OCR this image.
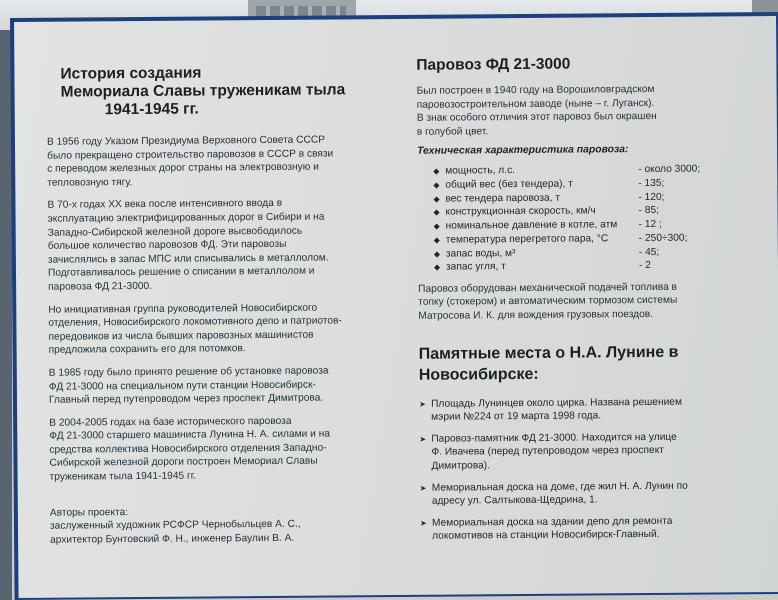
История создания
Мемориала Славы труженикам тыла
1941-1945 гг.

В 1956 году Указом Президиума Верховного Совета СССР
было прекращено строительство паровозов в СССР в связи
с переводом железных дорог страны на электровозную и
тепловозную тягу.

В 70-х годах XX века после интенсивного ввода в
эксплуатацию электрифицированных дорог в Сибири и на
Западно-Сибирской железной дороге высвободилось
большое количество паровозов ФД. Эти паровозы
зачислялись в запас МПС или списывались в металлолом.
Подготавливалось решение о списании в металлолом и
паровоза ФД 21-3000.

Но инициативная группа руководителей Новосибирского
отделения, Новосибирского локомотивного депо и патриотов-
передовиков из числа бывших паровозных машинистов
предложила сохранить его для потомков.

В 1985 году было принято решение об установке паровоза
ФД 21-3000 на специальном пути станции Новосибирск-
Главный перед путепроводом через проспект Димитрова.

В 2004-2005 годах на базе исторического паровоза
ФД 21-3000 старшего машиниста Лунина Н. А. силами и на
средства коллектива Новосибирского отделения Западно-
Сибирской железной дороги построен Мемориал Славы
труженикам тыла 1941-1945 гг.

Авторы проекта:

заслуженный художник РСФСР Чернобыльцев А. С.,
архитектор Бунтовский Ф. Н., инженер Баулин В. А.

Паровоз ФД 21-3000

Был построен в 1940 году на Ворошиловградском
паровозостроительном заводе (ныне – г. Луганск).
В знак особого отличия этот паровоз был окрашен
в голубой цвет.

Техническая характеристика паровоза:
◆ мощность, л.с.	- около 3000;
◆ общий вес (без тендера), т	- 135;
◆ вес тендера паровоза, т	- 120;
◆ конструкционная скорость, км/ч	- 85;
◆ номинальное давление в котле, атм - 12 ;
◆ температура перегретого пара, °С	- 250÷300;
◆ запас воды, м³	- 45;
◆ запас угля, т	- 2

Паровоз оборудован механической подачей топлива в
топку (стокером) и автоматическим тормозом системы
Матросова И. К. для вождения грузовых поездов.

Памятные места о Н.А. Лунине в
Новосибирске:
➤ Площадь Лунинцев около цирка. Названа решением
мэрии №224 от 19 марта 1998 года.
➤ Паровоз-памятник ФД 21-3000. Находится на улице
Ф. Ивачева (перед путепроводом через проспект
Димитрова).
➤ Мемориальная доска на доме, где жил Н. А. Лунин по
адресу ул. Салтыкова-Щедрина, 1.
➤ Мемориальная доска на здании депо для ремонта
локомотивов на станции Новосибирск-Главный.
